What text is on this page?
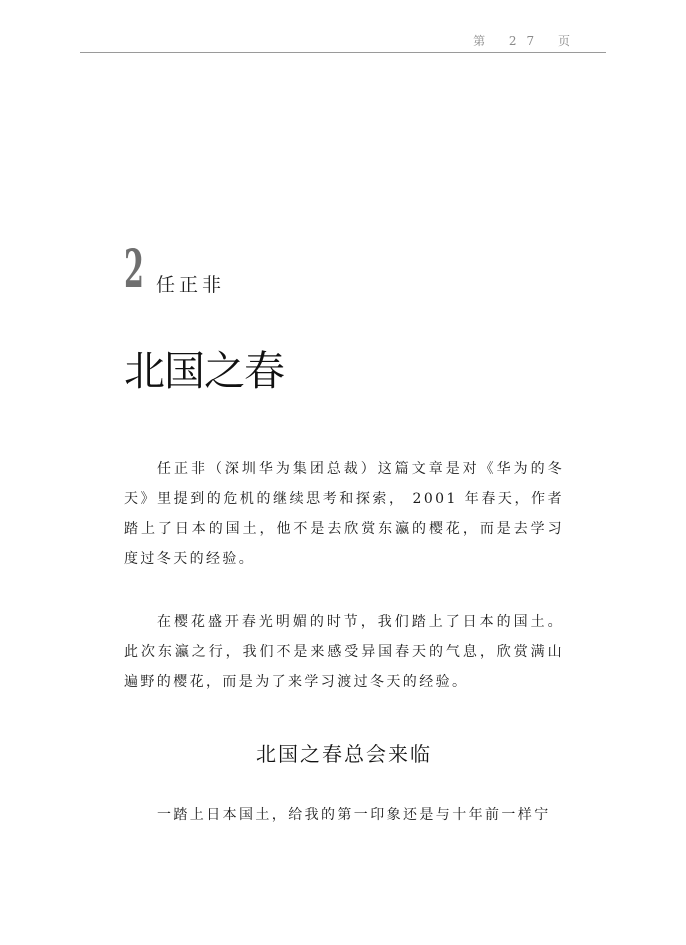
第 27 页
2 任正非
北国之春

任正非（深圳华为集团总裁）这篇文章是对《华为的冬天》里提到的危机的继续思考和探索， 2001 年春天，作者踏上了日本的国土，他不是去欣赏东瀛的樱花，而是去学习度过冬天的经验。

在樱花盛开春光明媚的时节，我们踏上了日本的国土。此次东瀛之行，我们不是来感受异国春天的气息，欣赏满山遍野的樱花，而是为了来学习渡过冬天的经验。

北国之春总会来临

一踏上日本国土，给我的第一印象还是与十年前一样宁
